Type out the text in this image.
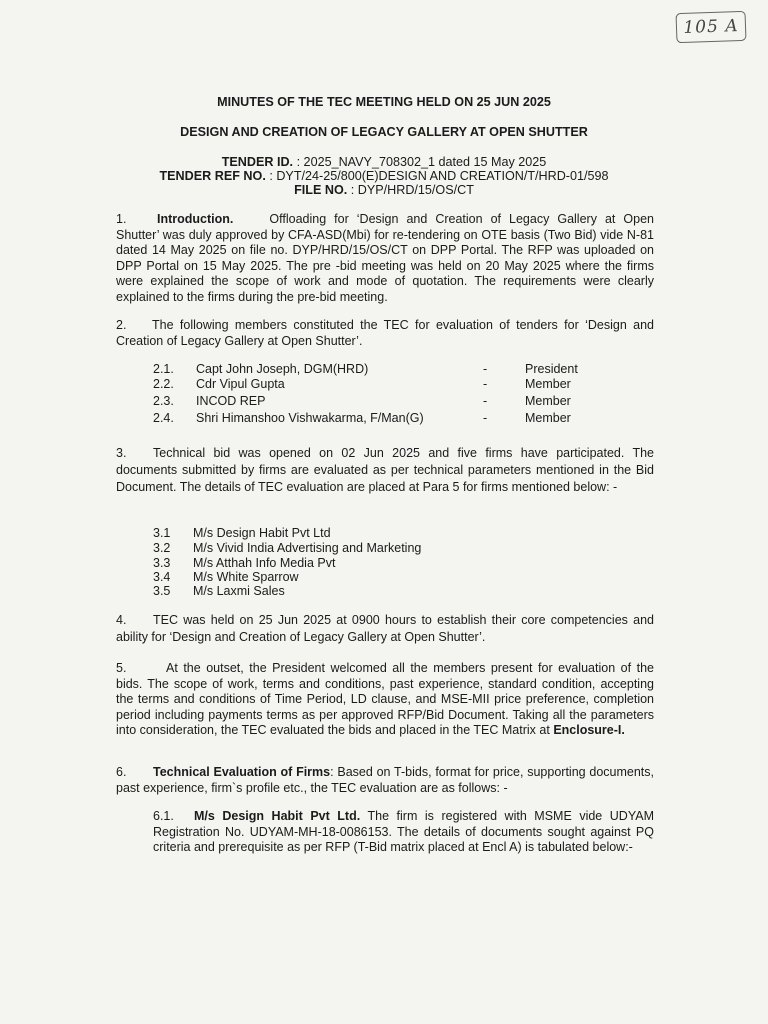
105 A
MINUTES OF THE TEC MEETING HELD ON 25 JUN 2025
DESIGN AND CREATION OF LEGACY GALLERY AT OPEN SHUTTER
TENDER ID. : 2025_NAVY_708302_1 dated 15 May 2025
TENDER REF NO. : DYT/24-25/800(E)DESIGN AND CREATION/T/HRD-01/598
FILE NO. : DYP/HRD/15/OS/CT
1. Introduction.	Offloading for ‘Design and Creation of Legacy Gallery at Open Shutter’ was duly approved by CFA-ASD(Mbi) for re-tendering on OTE basis (Two Bid) vide N-81 dated 14 May 2025 on file no. DYP/HRD/15/OS/CT on DPP Portal. The RFP was uploaded on DPP Portal on 15 May 2025. The pre -bid meeting was held on 20 May 2025 where the firms were explained the scope of work and mode of quotation. The requirements were clearly explained to the firms during the pre-bid meeting.
2. The following members constituted the TEC for evaluation of tenders for ‘Design and Creation of Legacy Gallery at Open Shutter’.
2.1. Capt John Joseph, DGM(HRD)	-	President
2.2. Cdr Vipul Gupta	-	Member
2.3. INCOD REP	-	Member
2.4. Shri Himanshoo Vishwakarma, F/Man(G)	-	Member
3. Technical bid was opened on 02 Jun 2025 and five firms have participated. The documents submitted by firms are evaluated as per technical parameters mentioned in the Bid Document. The details of TEC evaluation are placed at Para 5 for firms mentioned below: -
3.1 M/s Design Habit Pvt Ltd
3.2 M/s Vivid India Advertising and Marketing
3.3 M/s Atthah Info Media Pvt
3.4 M/s White Sparrow
3.5 M/s Laxmi Sales
4. TEC was held on 25 Jun 2025 at 0900 hours to establish their core competencies and ability for ‘Design and Creation of Legacy Gallery at Open Shutter’.
5.	At the outset, the President welcomed all the members present for evaluation of the bids. The scope of work, terms and conditions, past experience, standard condition, accepting the terms and conditions of Time Period, LD clause, and MSE-MII price preference, completion period including payments terms as per approved RFP/Bid Document. Taking all the parameters into consideration, the TEC evaluated the bids and placed in the TEC Matrix at Enclosure-I.
6. Technical Evaluation of Firms: Based on T-bids, format for price, supporting documents, past experience, firm`s profile etc., the TEC evaluation are as follows: -
6.1. M/s Design Habit Pvt Ltd. The firm is registered with MSME vide UDYAM Registration No. UDYAM-MH-18-0086153. The details of documents sought against PQ criteria and prerequisite as per RFP (T-Bid matrix placed at Encl A) is tabulated below:-
